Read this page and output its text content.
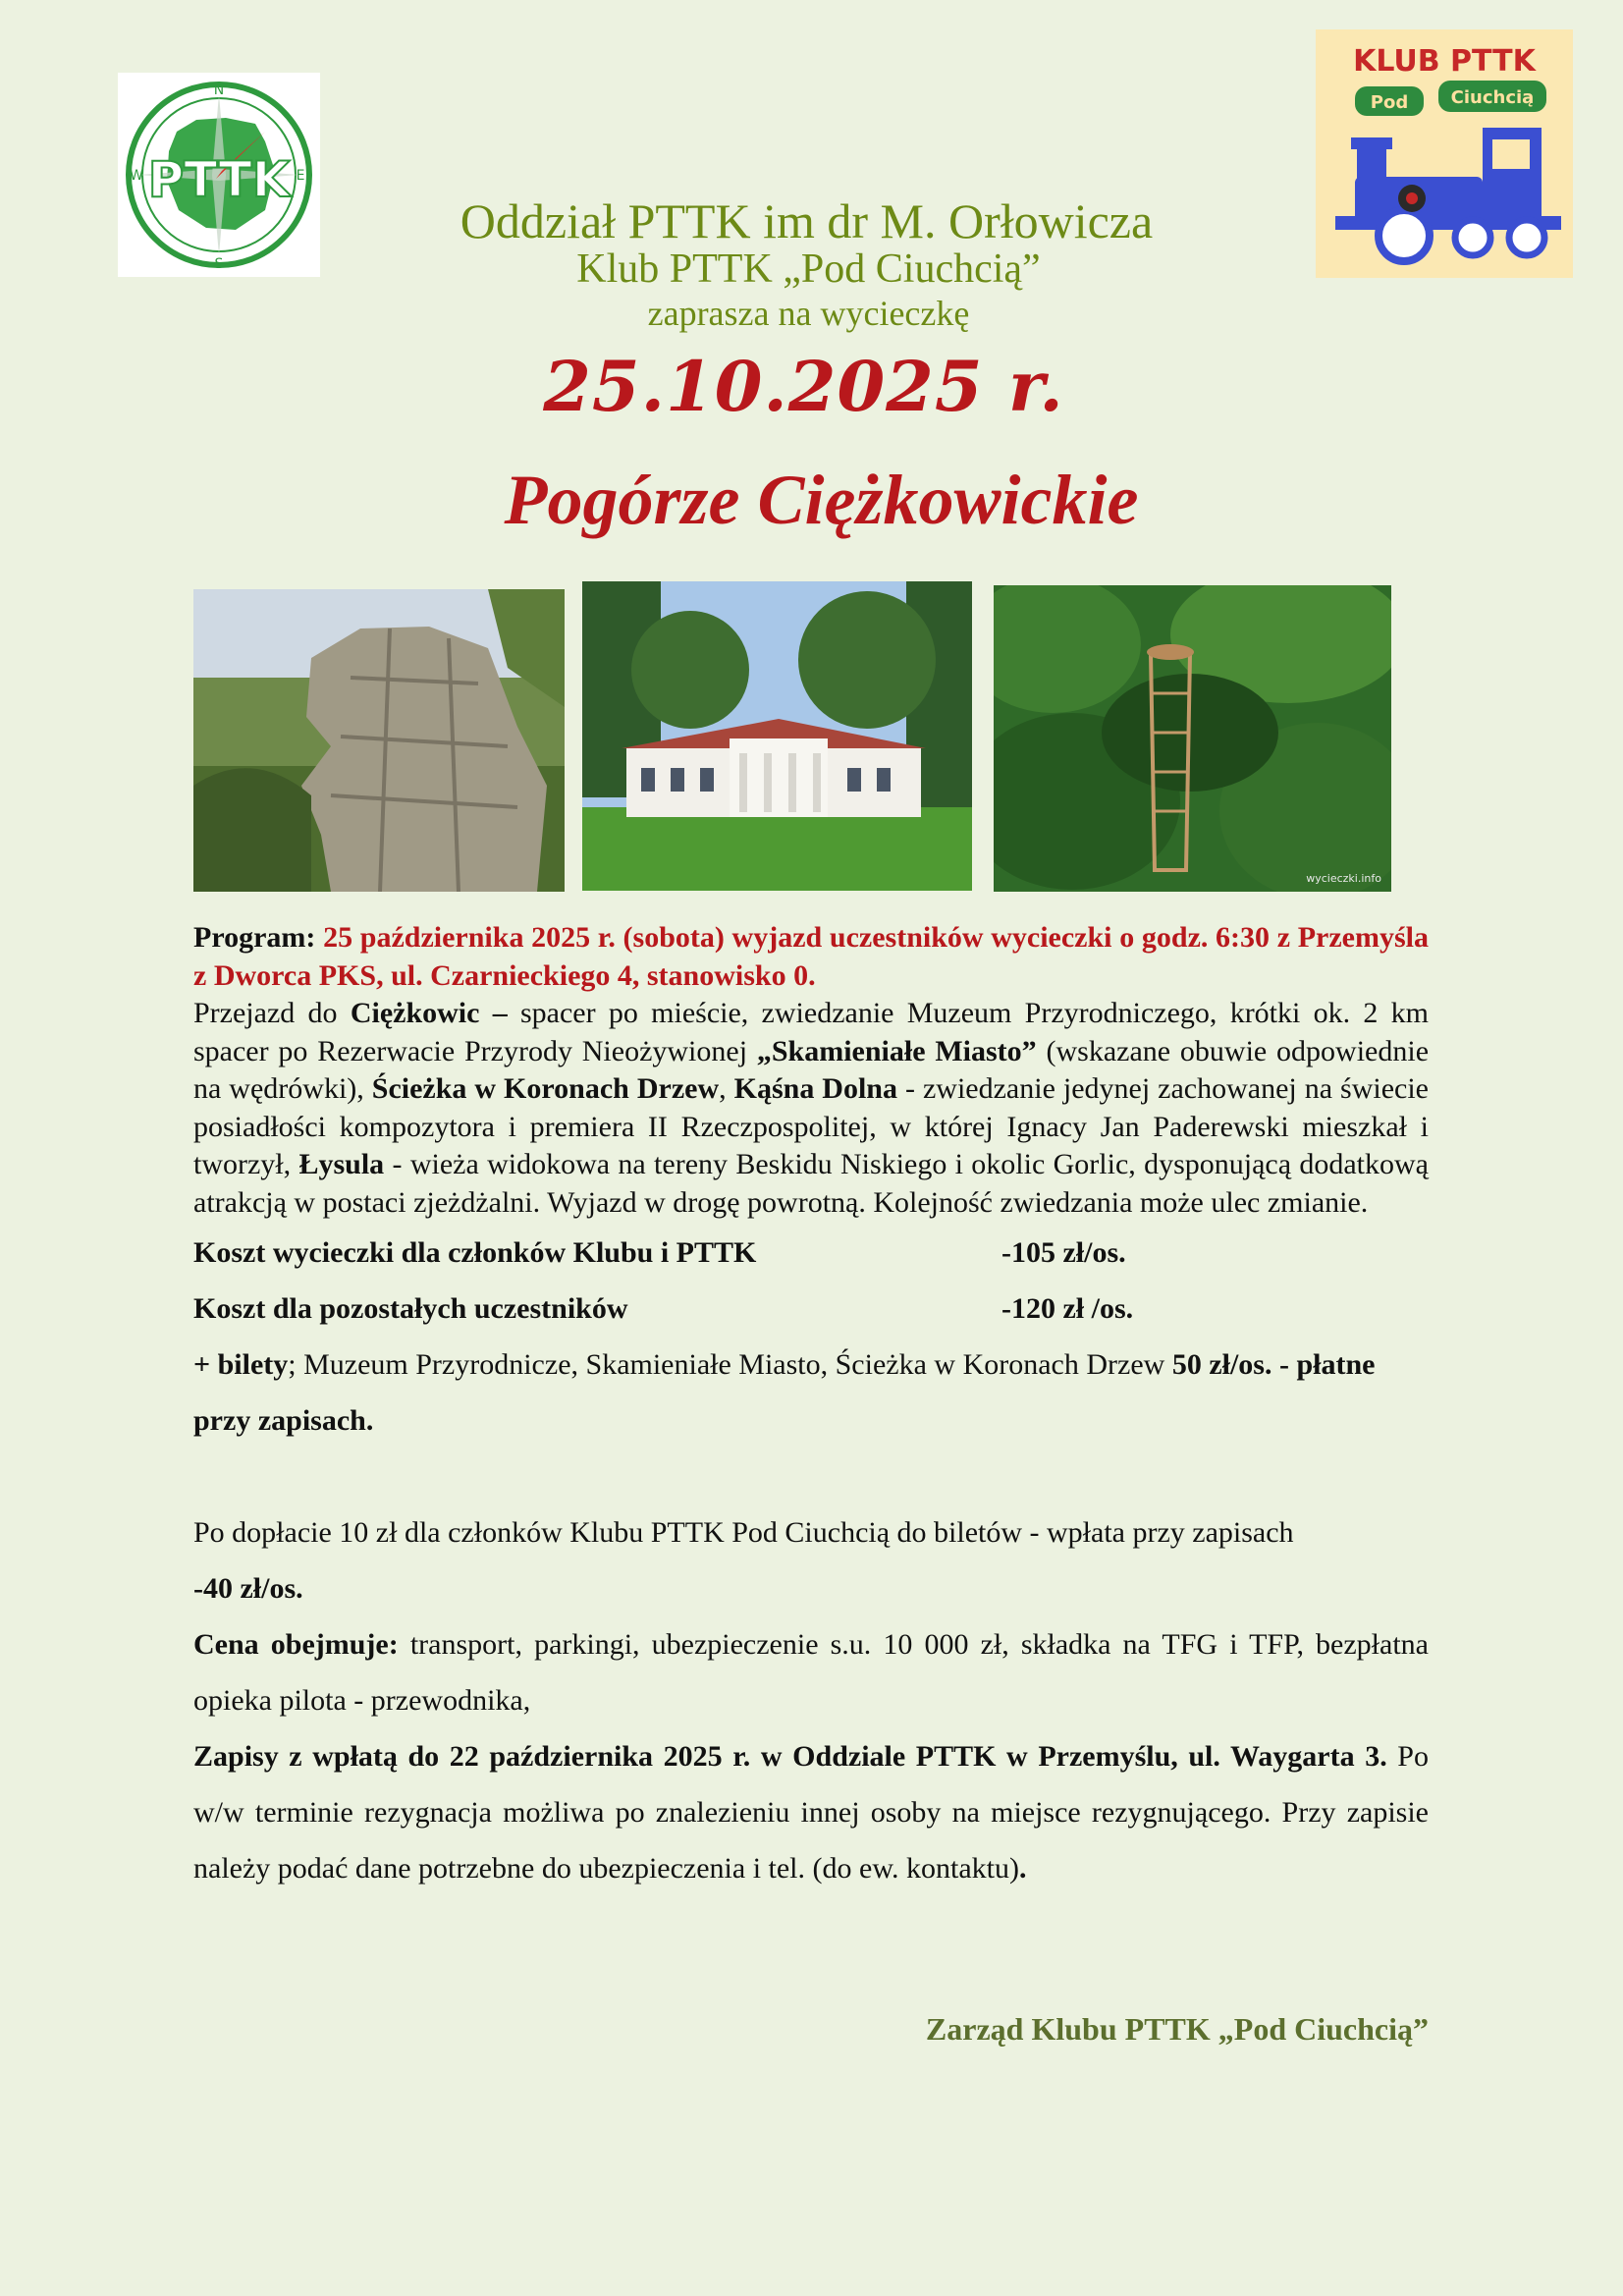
PTTK
N
E
S
W
KLUB PTTK
Pod Ciuchcią
Oddział PTTK im dr M. Orłowicza
Klub PTTK „Pod Ciuchcią”
zaprasza na wycieczkę
25.10.2025 r.
Pogórze Ciężkowickie
wycieczki.info
Program: 25 października 2025 r. (sobota) wyjazd uczestników wycieczki o godz. 6:30 z Przemyśla z Dworca PKS, ul. Czarnieckiego 4, stanowisko 0.
Przejazd do Ciężkowic – spacer po mieście, zwiedzanie Muzeum Przyrodniczego, krótki ok. 2 km spacer po Rezerwacie Przyrody Nieożywionej „Skamieniałe Miasto” (wskazane obuwie odpowiednie na wędrówki), Ścieżka w Koronach Drzew, Kąśna Dolna - zwiedzanie jedynej zachowanej na świecie posiadłości kompozytora i premiera II Rzeczpospolitej, w której Ignacy Jan Paderewski mieszkał i tworzył, Łysula - wieża widokowa na tereny Beskidu Niskiego i okolic Gorlic, dysponującą dodatkową atrakcją w postaci zjeżdżalni. Wyjazd w drogę powrotną. Kolejność zwiedzania może ulec zmianie.
Koszt wycieczki dla członków Klubu i PTTK	-105 zł/os.
Koszt dla pozostałych uczestników	-120 zł /os.
+ bilety; Muzeum Przyrodnicze, Skamieniałe Miasto, Ścieżka w Koronach Drzew 50 zł/os. - płatne przy zapisach.
Po dopłacie 10 zł dla członków Klubu PTTK Pod Ciuchcią do biletów - wpłata przy zapisach
-40 zł/os.
Cena obejmuje: transport, parkingi, ubezpieczenie s.u. 10 000 zł, składka na TFG i TFP, bezpłatna opieka pilota - przewodnika,
Zapisy z wpłatą do 22 października 2025 r. w Oddziale PTTK w Przemyślu, ul. Waygarta 3. Po w/w terminie rezygnacja możliwa po znalezieniu innej osoby na miejsce rezygnującego. Przy zapisie należy podać dane potrzebne do ubezpieczenia i tel. (do ew. kontaktu).
Zarząd Klubu PTTK „Pod Ciuchcią”
